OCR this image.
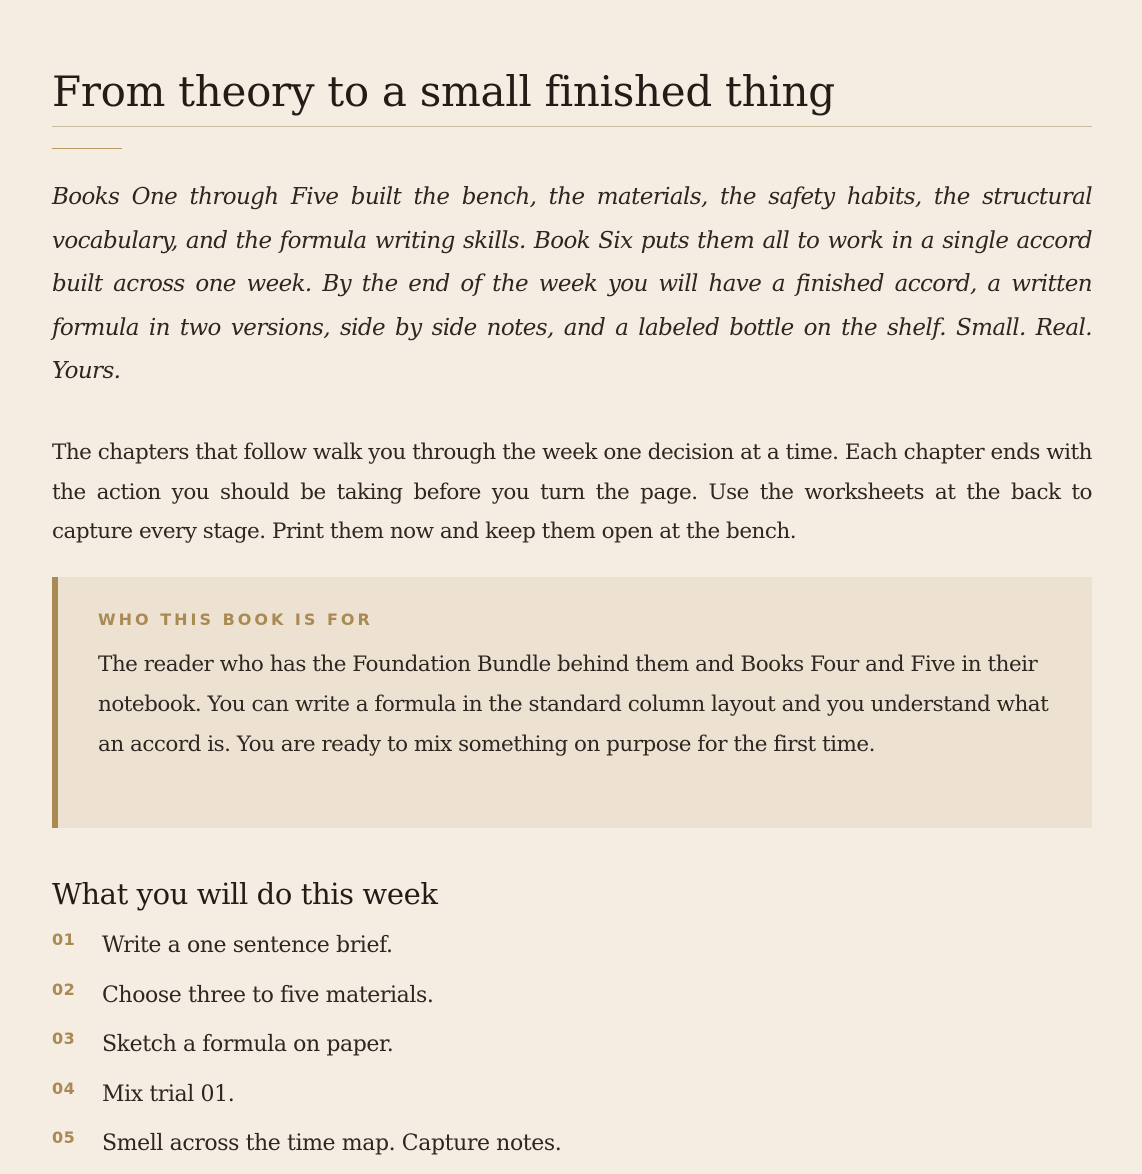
From theory to a small finished thing

Books One through Five built the bench, the materials, the safety habits, the structural vocabulary, and the formula writing skills. Book Six puts them all to work in a single accord built across one week. By the end of the week you will have a finished accord, a written formula in two versions, side by side notes, and a labeled bottle on the shelf. Small. Real. Yours.

The chapters that follow walk you through the week one decision at a time. Each chapter ends with the action you should be taking before you turn the page. Use the worksheets at the back to capture every stage. Print them now and keep them open at the bench.

WHO THIS BOOK IS FOR

The reader who has the Foundation Bundle behind them and Books Four and Five in their notebook. You can write a formula in the standard column layout and you understand what an accord is. You are ready to mix something on purpose for the first time.

What you will do this week
01 Write a one sentence brief.
02 Choose three to five materials.
03 Sketch a formula on paper.
04 Mix trial 01.
05 Smell across the time map. Capture notes.
